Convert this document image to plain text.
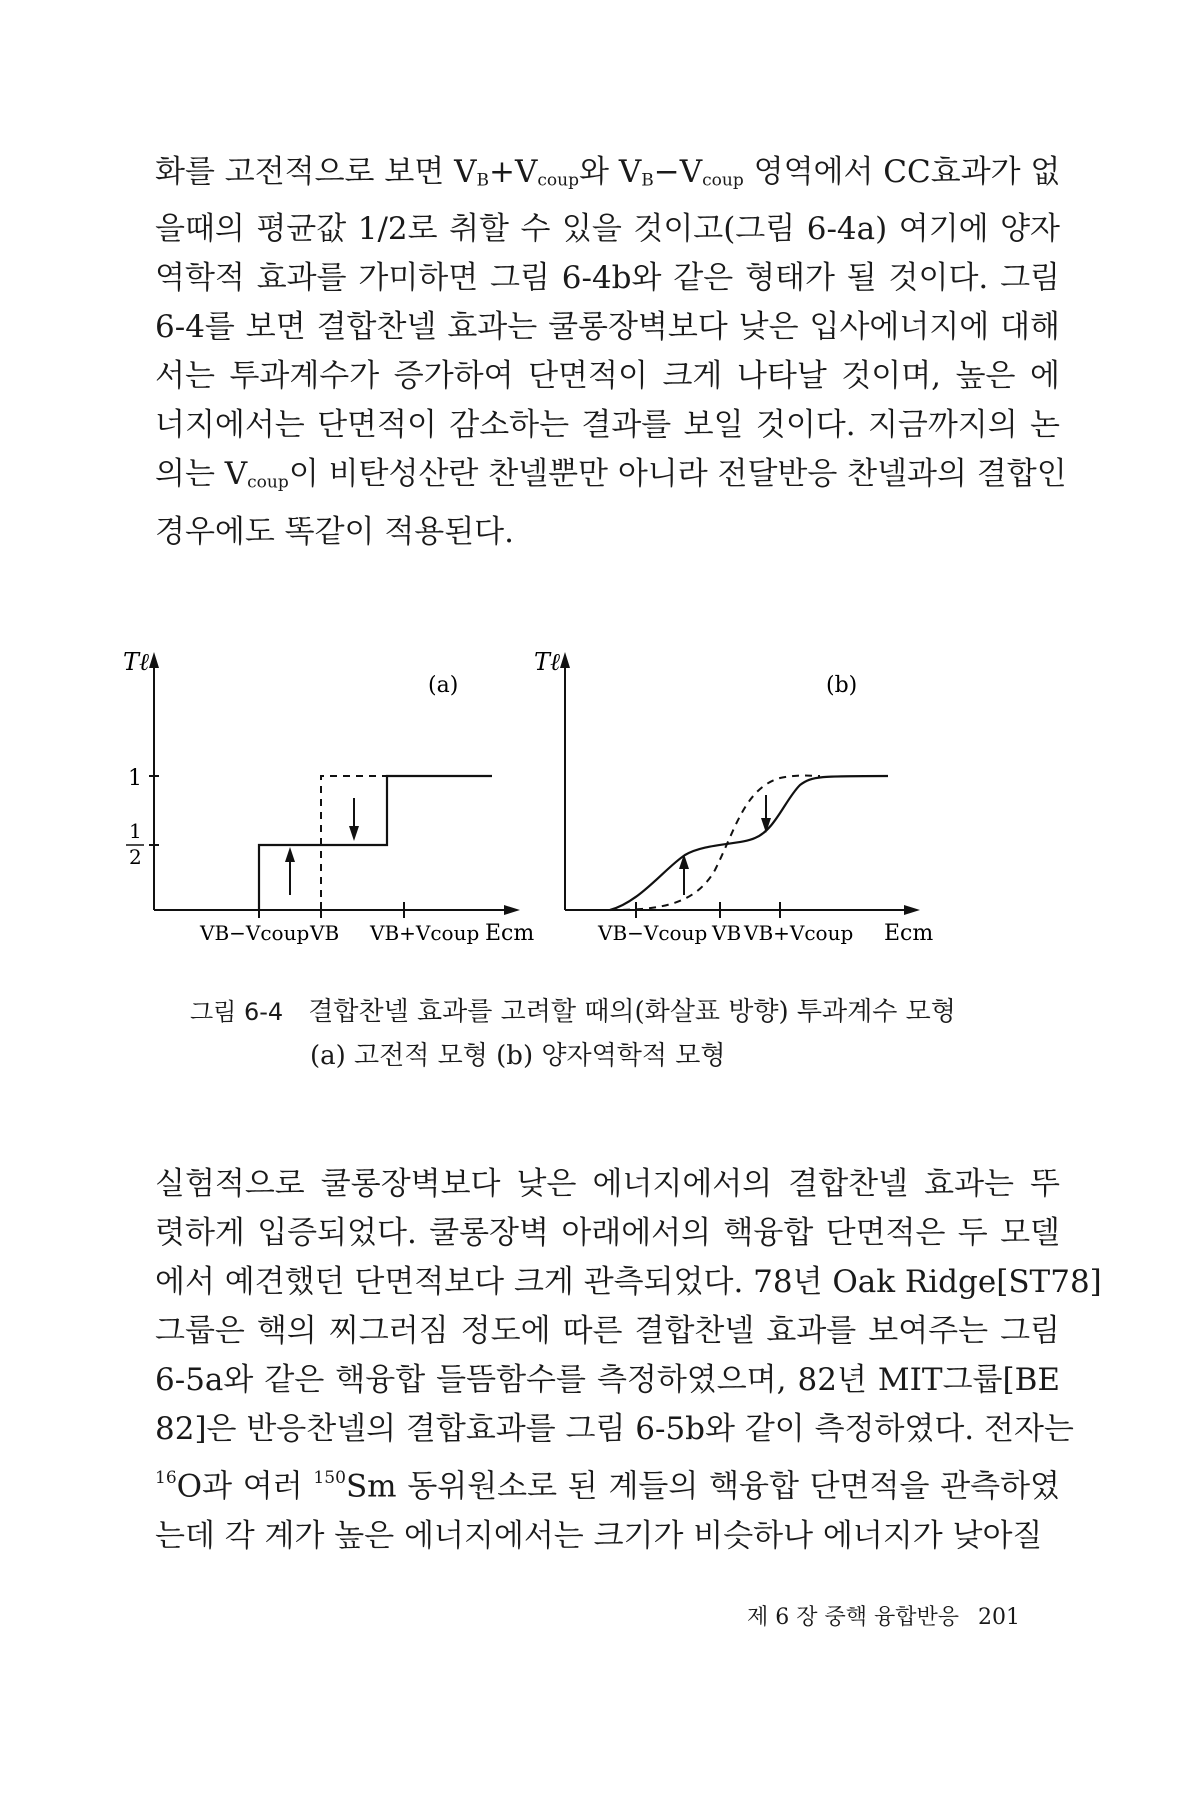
화를 고전적으로 보면 $V_B+V_{coup}$와 $V_B-V_{coup}$ 영역에서 CC효과가 없
을때의 평균값 1/2로 취할 수 있을 것이고(그림 6-4a) 여기에 양자
역학적 효과를 가미하면 그림 6-4b와 같은 형태가 될 것이다. 그림
6-4를 보면 결합찬넬 효과는 쿨롱장벽보다 낮은 입사에너지에 대해
서는 투과계수가 증가하여 단면적이 크게 나타날 것이며, 높은 에
너지에서는 단면적이 감소하는 결과를 보일 것이다. 지금까지의 논
의는 $V_{coup}$이 비탄성산란 찬넬뿐만 아니라 전달반응 찬넬과의 결합인
경우에도 똑같이 적용된다.
Tℓ
(a)
1
1
2
VB−Vcoup VB VB+Vcoup Ecm
Tℓ
(b)
VB−Vcoup VB VB+Vcoup Ecm
그림 6-4 결합찬넬 효과를 고려할 때의(화살표 방향) 투과계수 모형
(a) 고전적 모형 (b) 양자역학적 모형
실험적으로 쿨롱장벽보다 낮은 에너지에서의 결합찬넬 효과는 뚜
렷하게 입증되었다. 쿨롱장벽 아래에서의 핵융합 단면적은 두 모델
에서 예견했던 단면적보다 크게 관측되었다. 78년 Oak Ridge[ST78]
그룹은 핵의 찌그러짐 정도에 따른 결합찬넬 효과를 보여주는 그림
6-5a와 같은 핵융합 들뜸함수를 측정하였으며, 82년 MIT그룹[BE
82]은 반응찬넬의 결합효과를 그림 6-5b와 같이 측정하였다. 전자는
$^{16}$O과 여러 $^{150}$Sm 동위원소로 된 계들의 핵융합 단면적을 관측하였
는데 각 계가 높은 에너지에서는 크기가 비슷하나 에너지가 낮아질
제 6 장 중핵 융합반응 201
